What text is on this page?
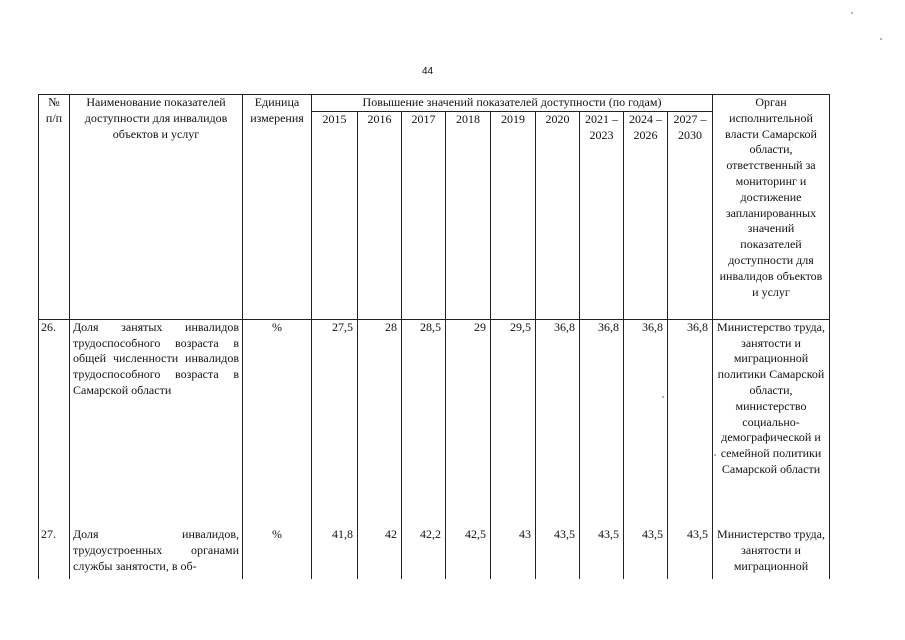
44
№ п/п	Наименование показателей доступности для инвалидов объектов и услуг	Единица измерения	Повышение значений показателей доступности (по годам)									Орган исполнительной власти Самарской области, ответственный за мониторинг и достижение запланированных значений показателей доступности для инвалидов объектов и услуг
			2015	2016	2017	2018	2019	2020	2021 – 2023	2024 – 2026	2027 – 2030	
26.	Доля занятых инвалидов трудоспособного возраста в общей численности инвалидов трудоспособного возраста в Самарской области	%	27,5	28	28,5	29	29,5	36,8	36,8	36,8	36,8	Министерство труда, занятости и миграционной политики Самарской области, министерство социально-демографической и семейной политики Самарской области
27.	Доля инвалидов, трудоустроенных органами службы занятости, в об-	%	41,8	42	42,2	42,5	43	43,5	43,5	43,5	43,5	Министерство труда, занятости и миграционной
